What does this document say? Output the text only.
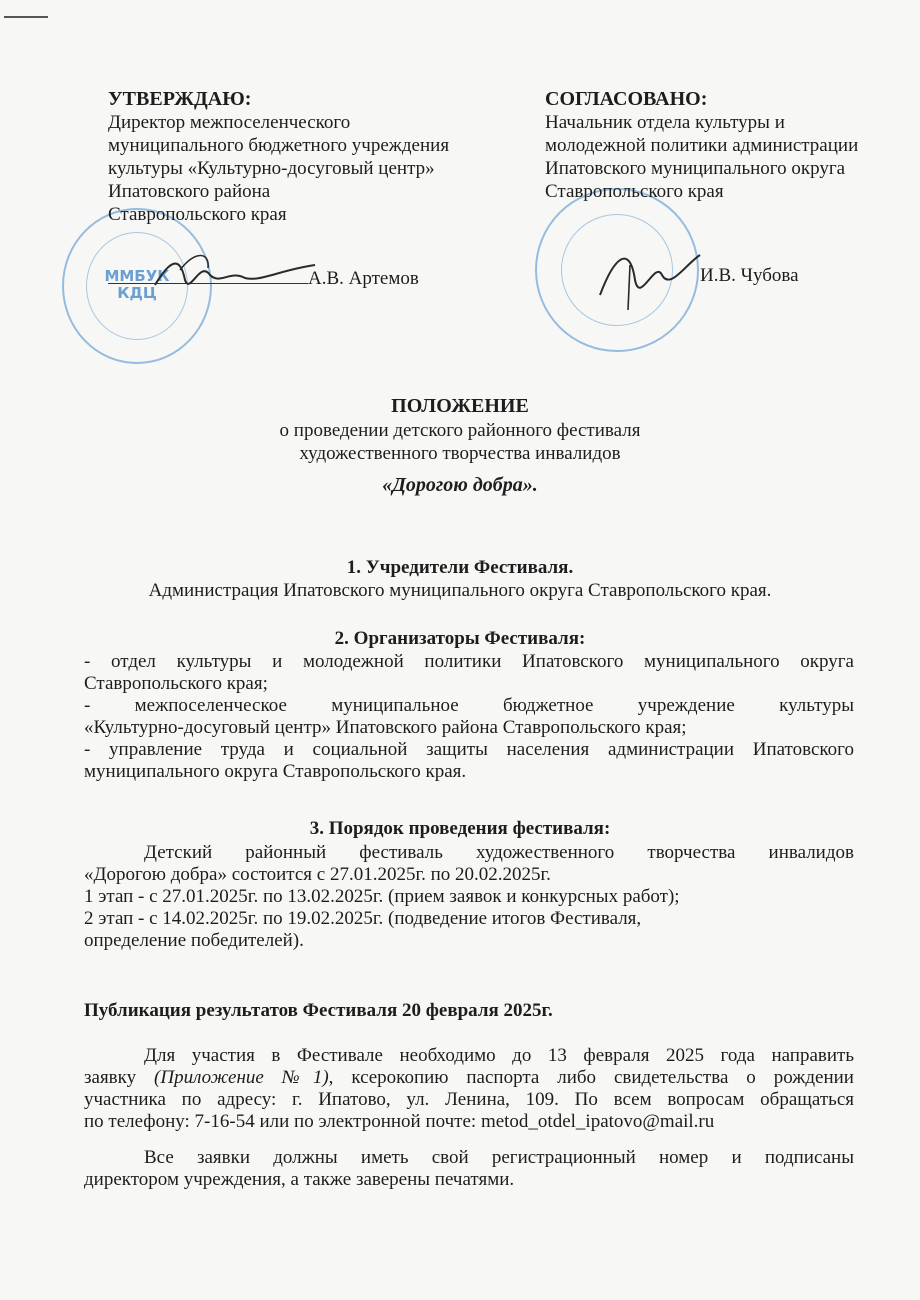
ММБУК КДЦ
УТВЕРЖДАЮ:
Директор межпоселенческого
муниципального бюджетного учреждения
культуры «Культурно-досуговый центр»
Ипатовского района
Ставропольского края
СОГЛАСОВАНО:
Начальник отдела культуры и
молодежной политики администрации
Ипатовского муниципального округа
Ставропольского края
А.В. Артемов	И.В. Чубова
ПОЛОЖЕНИЕ
о проведении детского районного фестиваля
художественного творчества инвалидов
«Дорогою добра».
1. Учредители Фестиваля.
Администрация Ипатовского муниципального округа Ставропольского края.
2. Организаторы Фестиваля:
- отдел культуры и молодежной политики Ипатовского муниципального округа
Ставропольского края;
- межпоселенческое муниципальное бюджетное учреждение культуры
«Культурно-досуговый центр» Ипатовского района Ставропольского края;
- управление труда и социальной защиты населения администрации Ипатовского
муниципального округа Ставропольского края.
3. Порядок проведения фестиваля:
Детский районный фестиваль художественного творчества инвалидов
«Дорогою добра» состоится с 27.01.2025г. по 20.02.2025г.
1 этап - с 27.01.2025г. по 13.02.2025г. (прием заявок и конкурсных работ);
2 этап - с 14.02.2025г. по 19.02.2025г. (подведение итогов Фестиваля,
определение победителей).
Публикация результатов Фестиваля 20 февраля 2025г.
Для участия в Фестивале необходимо до 13 февраля 2025 года направить
заявку (Приложение №1), ксерокопию паспорта либо свидетельства о рождении
участника по адресу: г. Ипатово, ул. Ленина, 109. По всем вопросам обращаться
по телефону: 7-16-54 или по электронной почте: metod_otdel_ipatovo@mail.ru
Все заявки должны иметь свой регистрационный номер и подписаны
директором учреждения, а также заверены печатями.
